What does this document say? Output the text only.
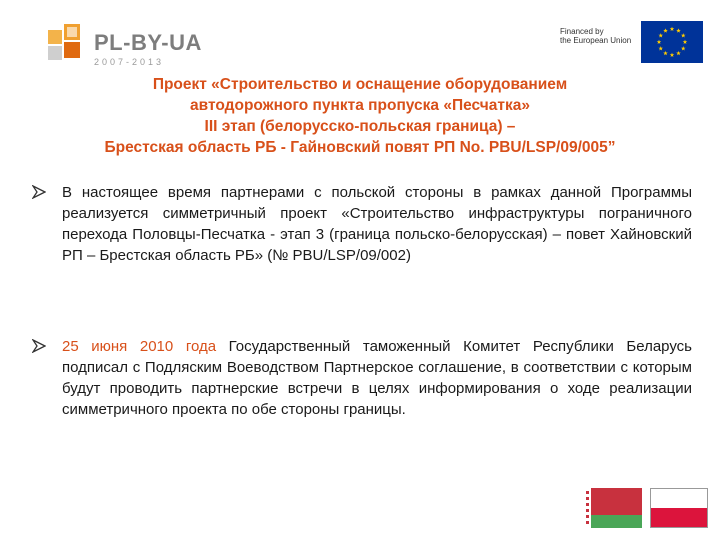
PL-BY-UA
2007-2013
Financed by
the European Union
Проект «Строительство и оснащение оборудованием
автодорожного пункта пропуска «Песчатка»
III этап (белорусско-польская граница) –
Брестская область РБ - Гайновский повят РП No. PBU/LSP/09/005”
В настоящее время партнерами с польской стороны в рамках данной Программы реализуется симметричный проект «Строительство инфраструктуры пограничного перехода Половцы-Песчатка - этап 3 (граница польско-белорусская) – повет Хайновский РП – Брестская область РБ» (№ PBU/LSP/09/002)
25 июня 2010 года Государственный таможенный Комитет Республики Беларусь подписал с Подляским Воеводством Партнерское соглашение, в соответствии с которым будут проводить партнерские встречи в целях информирования о ходе реализации симметричного проекта по обе стороны границы.
